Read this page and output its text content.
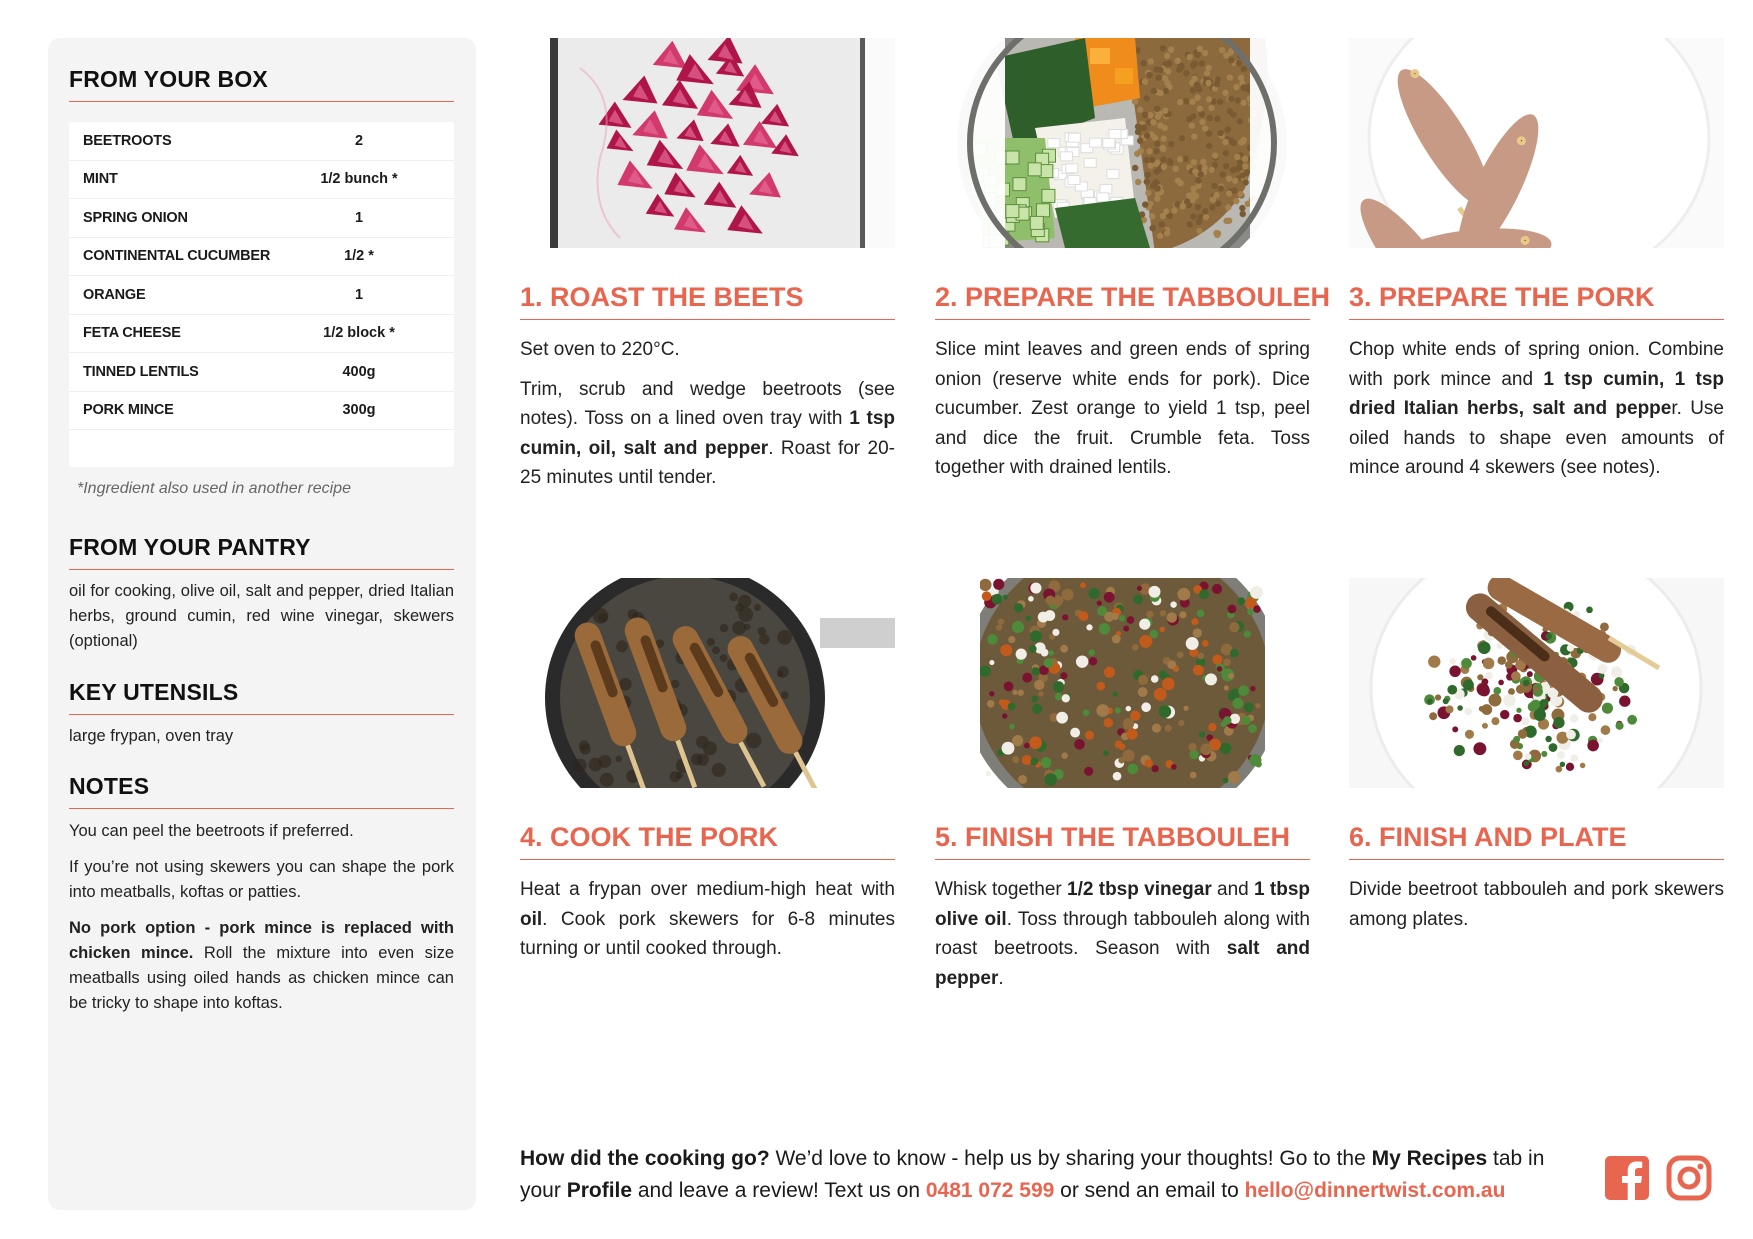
FROM YOUR BOX
BEETROOTS	2
MINT	1/2 bunch *
SPRING ONION	1
CONTINENTAL CUCUMBER	1/2 *
ORANGE	1
FETA CHEESE	1/2 block *
TINNED LENTILS	400g
PORK MINCE	300g
*Ingredient also used in another recipe
FROM YOUR PANTRY
oil for cooking, olive oil, salt and pepper, dried Italian herbs, ground cumin, red wine vinegar, skewers (optional)
KEY UTENSILS
large frypan, oven tray
NOTES
You can peel the beetroots if preferred.
If you’re not using skewers you can shape the pork into meatballs, koftas or patties.
No pork option - pork mince is replaced with chicken mince. Roll the mixture into even size meatballs using oiled hands as chicken mince can be tricky to shape into koftas.
1. ROAST THE BEETS

Set oven to 220°C.

Trim, scrub and wedge beetroots (see notes). Toss on a lined oven tray with 1 tsp cumin, oil, salt and pepper. Roast for 20-25 minutes until tender.

2. PREPARE THE TABBOULEH

Slice mint leaves and green ends of spring onion (reserve white ends for pork). Dice cucumber. Zest orange to yield 1 tsp, peel and dice the fruit. Crumble feta. Toss together with drained lentils.

3. PREPARE THE PORK

Chop white ends of spring onion. Combine with pork mince and 1 tsp cumin, 1 tsp dried Italian herbs, salt and pepper. Use oiled hands to shape even amounts of mince around 4 skewers (see notes).

4. COOK THE PORK

Heat a frypan over medium-high heat with oil. Cook pork skewers for 6-8 minutes turning or until cooked through.

5. FINISH THE TABBOULEH

Whisk together 1/2 tbsp vinegar and 1 tbsp olive oil. Toss through tabbouleh along with roast beetroots. Season with salt and pepper.

6. FINISH AND PLATE

Divide beetroot tabbouleh and pork skewers among plates.

How did the cooking go? We’d love to know - help us by sharing your thoughts! Go to the My Recipes tab in your Profile and leave a review! Text us on 0481 072 599 or send an email to hello@dinnertwist.com.au
